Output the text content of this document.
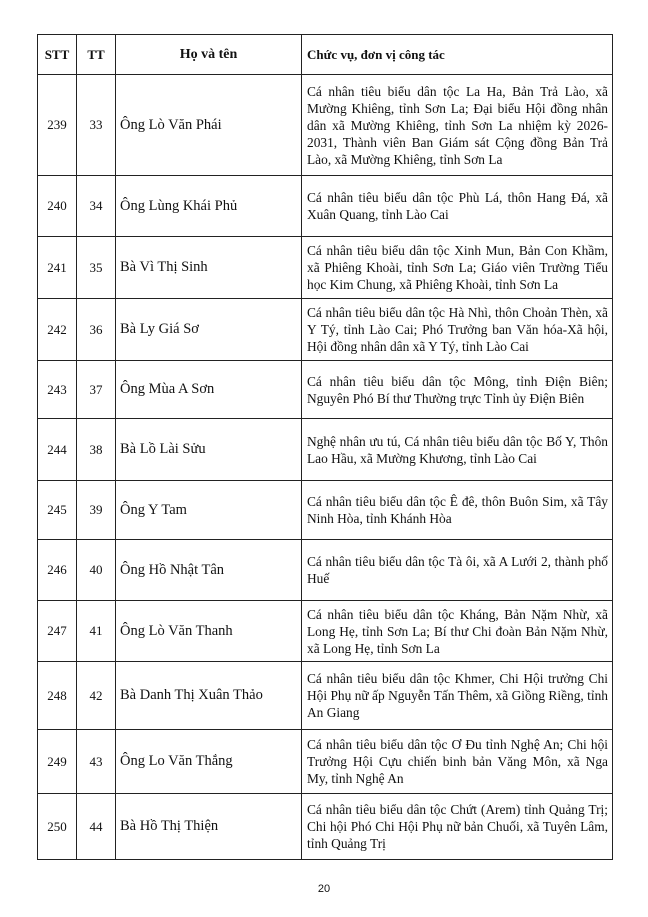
STT	TT	Họ và tên	Chức vụ, đơn vị công tác
239	33	Ông Lò Văn Phái	Cá nhân tiêu biểu dân tộc La Ha, Bản Trả Lào, xã Mường Khiêng, tỉnh Sơn La; Đại biểu Hội đồng nhân dân xã Mường Khiêng, tỉnh Sơn La nhiệm kỳ 2026-2031, Thành viên Ban Giám sát Cộng đồng Bản Trả Lào, xã Mường Khiêng, tỉnh Sơn La
240	34	Ông Lùng Khái Phủ	Cá nhân tiêu biểu dân tộc Phù Lá, thôn Hang Đá, xã Xuân Quang, tỉnh Lào Cai
241	35	Bà Vì Thị Sinh	Cá nhân tiêu biểu dân tộc Xinh Mun, Bản Con Khầm, xã Phiêng Khoài, tỉnh Sơn La; Giáo viên Trường Tiểu học Kim Chung, xã Phiêng Khoài, tỉnh Sơn La
242	36	Bà Ly Giá Sơ	Cá nhân tiêu biểu dân tộc Hà Nhì, thôn Choản Thèn, xã Y Tý, tỉnh Lào Cai; Phó Trưởng ban Văn hóa-Xã hội, Hội đồng nhân dân xã Y Tý, tỉnh Lào Cai
243	37	Ông Mùa A Sơn	Cá nhân tiêu biểu dân tộc Mông, tỉnh Điện Biên; Nguyên Phó Bí thư Thường trực Tỉnh ủy Điện Biên
244	38	Bà Lồ Lài Sửu	Nghệ nhân ưu tú, Cá nhân tiêu biểu dân tộc Bố Y, Thôn Lao Hầu, xã Mường Khương, tỉnh Lào Cai
245	39	Ông Y Tam	Cá nhân tiêu biểu dân tộc Ê đê, thôn Buôn Sim, xã Tây Ninh Hòa, tỉnh Khánh Hòa
246	40	Ông Hồ Nhật Tân	Cá nhân tiêu biểu dân tộc Tà ôi, xã A Lưới 2, thành phố Huế
247	41	Ông Lò Văn Thanh	Cá nhân tiêu biểu dân tộc Kháng, Bản Nặm Nhừ, xã Long Hẹ, tỉnh Sơn La; Bí thư Chi đoàn Bản Nặm Nhừ, xã Long Hẹ, tỉnh Sơn La
248	42	Bà Danh Thị Xuân Thảo	Cá nhân tiêu biểu dân tộc Khmer, Chi Hội trưởng Chi Hội Phụ nữ ấp Nguyễn Tấn Thêm, xã Giồng Riềng, tỉnh An Giang
249	43	Ông Lo Văn Thắng	Cá nhân tiêu biểu dân tộc Ơ Đu tỉnh Nghệ An; Chi hội Trưởng Hội Cựu chiến binh bản Văng Môn, xã Nga My, tỉnh Nghệ An
250	44	Bà Hồ Thị Thiện	Cá nhân tiêu biểu dân tộc Chứt (Arem) tỉnh Quảng Trị; Chi hội Phó Chi Hội Phụ nữ bản Chuối, xã Tuyên Lâm, tỉnh Quảng Trị
20
